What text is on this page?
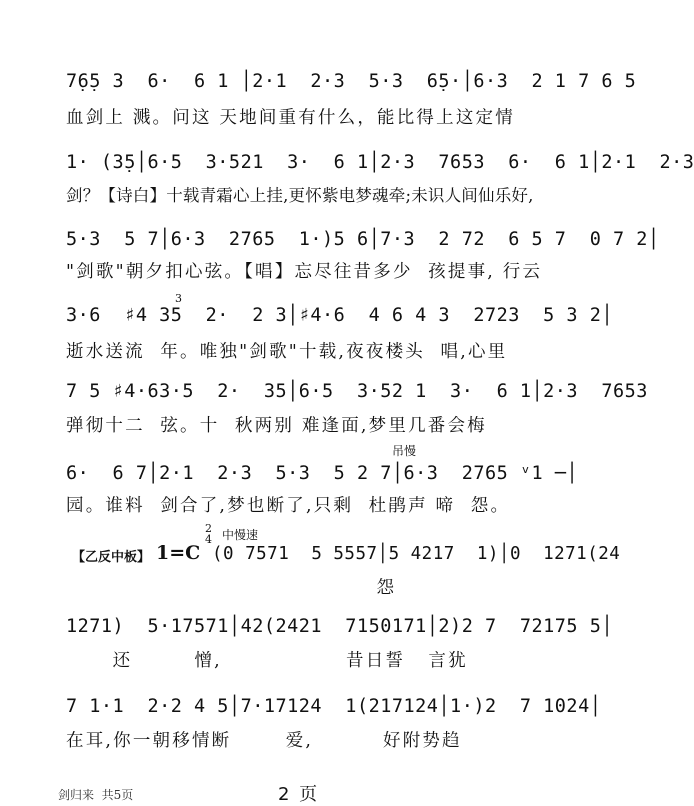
7̣6̣5 3  6·  6 1 │2·1  2·3  5·3  6̣5·│6·3  2 1 7 6 5
血剑上 溅。问这 天地间重有什么，能比得上这定情
1· (3̣5│6·5  3·521  3·  6 1│2·3  7653  6·  6 1│2·1  2·3
剑？【诗白】十载青霜心上挂,更怀紫电梦魂牵;未识人间仙乐好,
5·3  5 7│6·3  2765  1·)5 6│7·3  2 72  6 5 7  0 7 2│
"剑歌"朝夕扣心弦。【唱】忘尽往昔多少  孩提事, 行云
3
3·6  ♯4 35  2·  2 3│♯4·6  4 6 4 3  2723  5 3 2│
逝水送流  年。唯独"剑歌"十载,夜夜楼头  唱,心里
7 5 ♯4·63·5  2·  35│6·5  3·52 1  3·  6 1│2·3  7653
弹彻十二  弦。十  秋两别 难逢面,梦里几番会梅
吊慢
6·  6 7│2·1  2·3  5·3  5 2 7│6·3  2765 ᵛ1 ─│
园。谁料  剑合了,梦也断了,只剩  杜鹃声 啼  怨。
【乙反中板】 1=C
2
4 中慢速
(0 7571  5 5557│5 4217  1)│0  1271(24
怨
1271)  5·17571│42(2421  7150171│2)2 7  72175 5│
还        憎,                昔日誓   言犹
7 1·1  2·2 4 5│7·17124  1(217124│1·)2  7 1024│
在耳,你一朝移情断       爱,         好附势趋
剑归来  共5页	2 页
